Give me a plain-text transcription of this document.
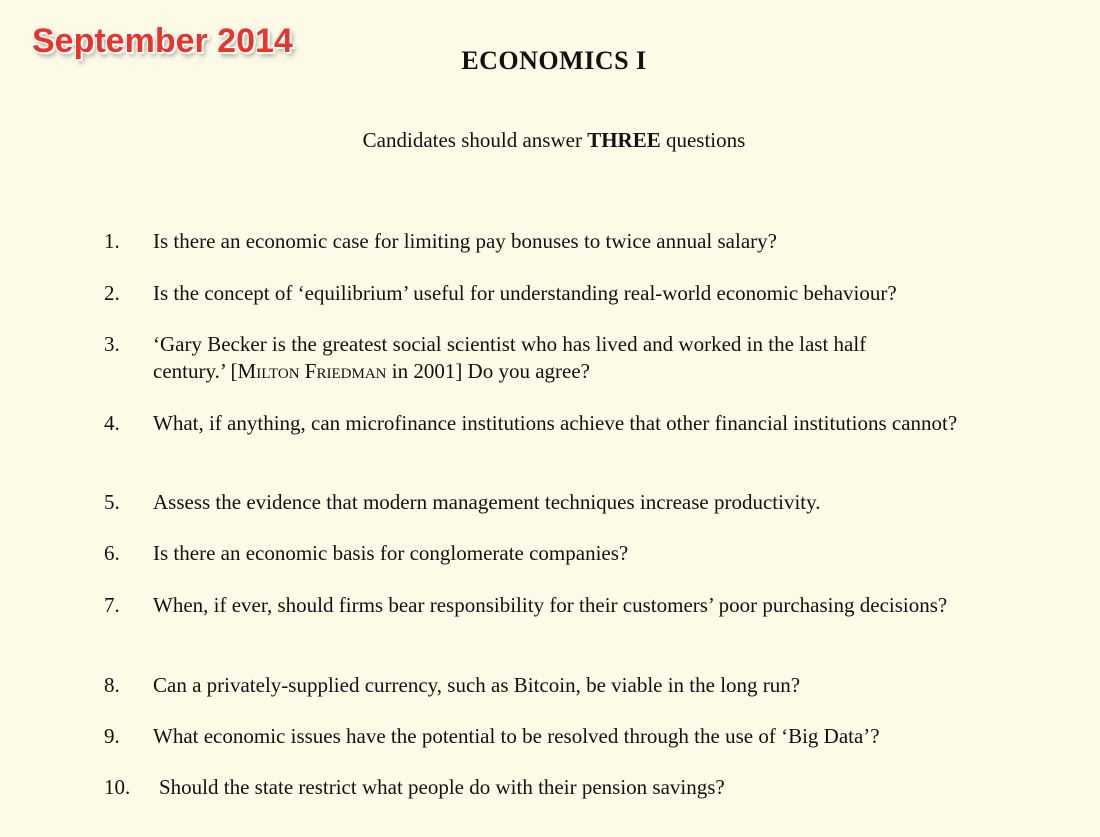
September 2014
ECONOMICS I
Candidates should answer THREE questions
1. Is there an economic case for limiting pay bonuses to twice annual salary?
2. Is the concept of ‘equilibrium’ useful for understanding real-world economic behaviour?
3. ‘Gary Becker is the greatest social scientist who has lived and worked in the last half
century.’ [Milton Friedman in 2001] Do you agree?
4. What, if anything, can microfinance institutions achieve that other financial institutions cannot?
5. Assess the evidence that modern management techniques increase productivity.
6. Is there an economic basis for conglomerate companies?
7. When, if ever, should firms bear responsibility for their customers’ poor purchasing decisions?
8. Can a privately-supplied currency, such as Bitcoin, be viable in the long run?
9. What economic issues have the potential to be resolved through the use of ‘Big Data’?
10. Should the state restrict what people do with their pension savings?
